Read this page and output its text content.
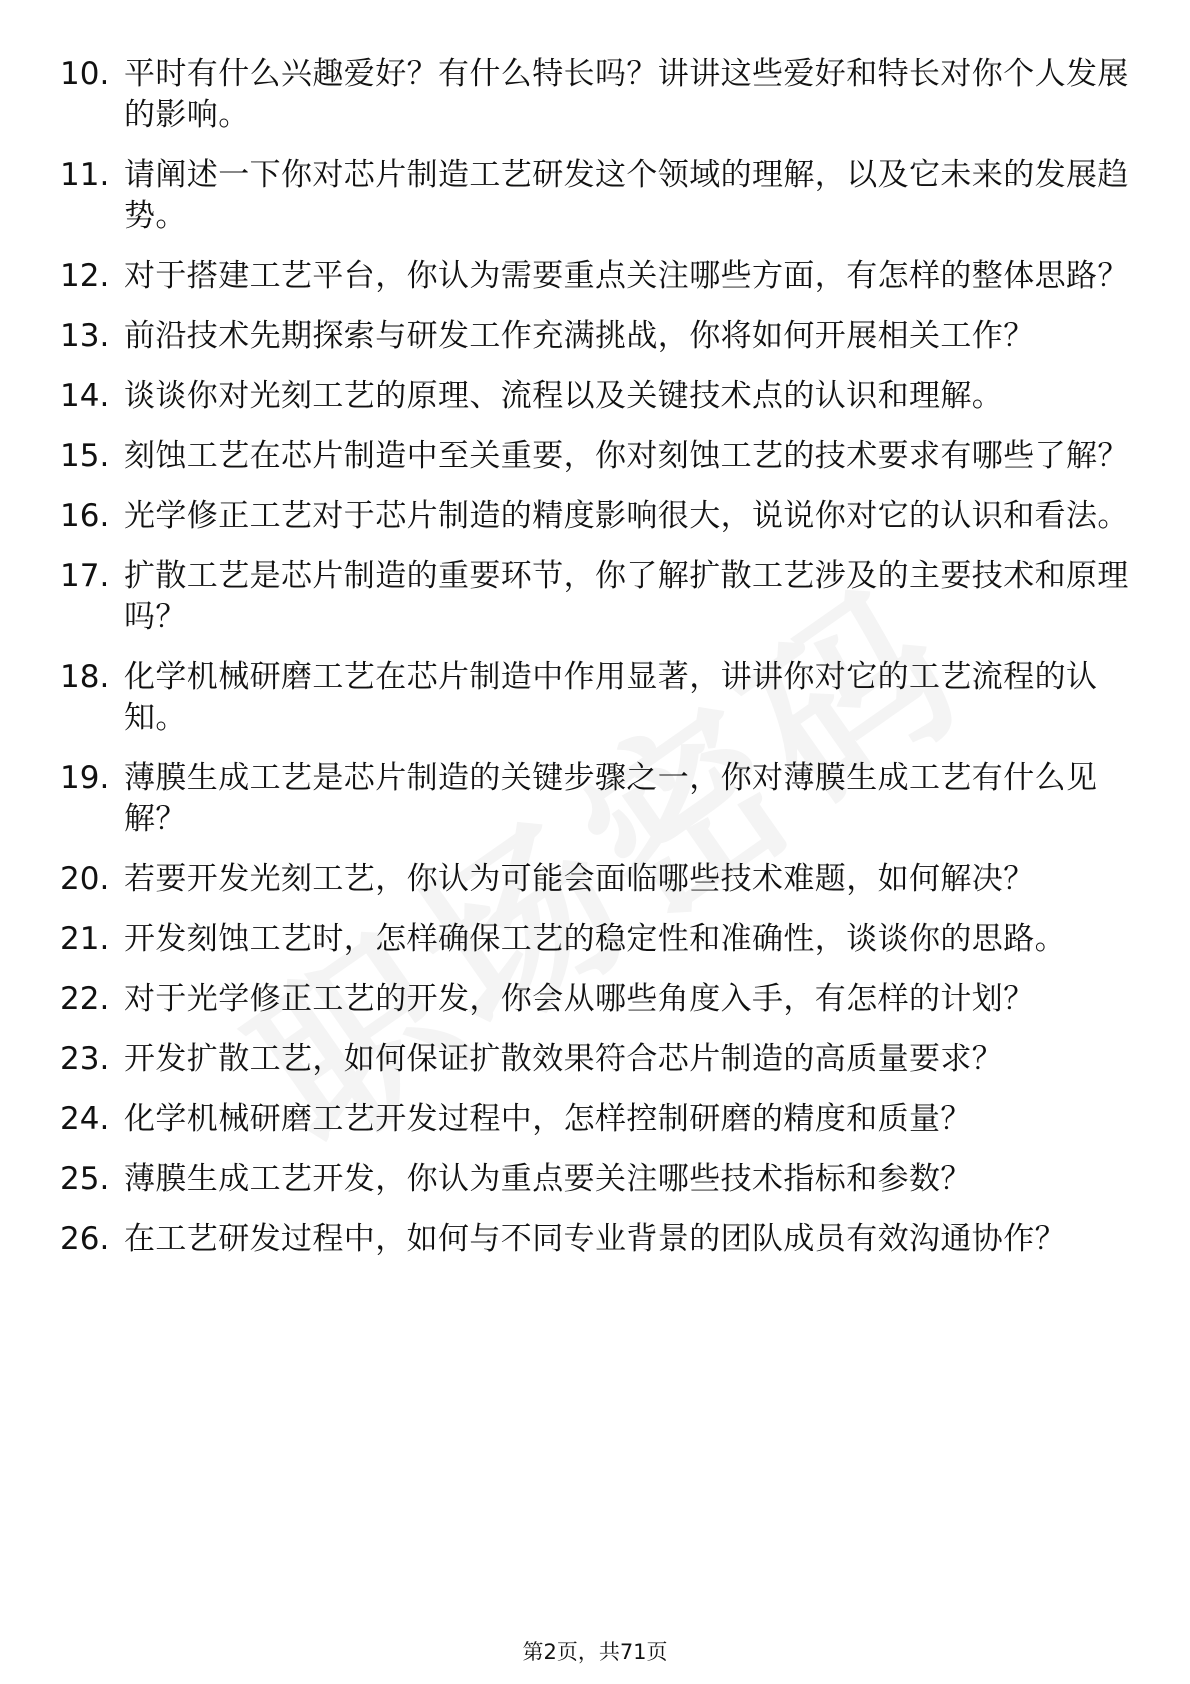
10. 平时有什么兴趣爱好？有什么特长吗？讲讲这些爱好和特长对你个人发展的影响。
11. 请阐述一下你对芯片制造工艺研发这个领域的理解，以及它未来的发展趋势。
12. 对于搭建工艺平台，你认为需要重点关注哪些方面，有怎样的整体思路？
13. 前沿技术先期探索与研发工作充满挑战，你将如何开展相关工作？
14. 谈谈你对光刻工艺的原理、流程以及关键技术点的认识和理解。
15. 刻蚀工艺在芯片制造中至关重要，你对刻蚀工艺的技术要求有哪些了解？
16. 光学修正工艺对于芯片制造的精度影响很大，说说你对它的认识和看法。
17. 扩散工艺是芯片制造的重要环节，你了解扩散工艺涉及的主要技术和原理吗？
18. 化学机械研磨工艺在芯片制造中作用显著，讲讲你对它的工艺流程的认知。
19. 薄膜生成工艺是芯片制造的关键步骤之一，你对薄膜生成工艺有什么见解？
20. 若要开发光刻工艺，你认为可能会面临哪些技术难题，如何解决？
21. 开发刻蚀工艺时，怎样确保工艺的稳定性和准确性，谈谈你的思路。
22. 对于光学修正工艺的开发，你会从哪些角度入手，有怎样的计划？
23. 开发扩散工艺，如何保证扩散效果符合芯片制造的高质量要求？
24. 化学机械研磨工艺开发过程中，怎样控制研磨的精度和质量？
25. 薄膜生成工艺开发，你认为重点要关注哪些技术指标和参数？
26. 在工艺研发过程中，如何与不同专业背景的团队成员有效沟通协作？
第2页，共71页
